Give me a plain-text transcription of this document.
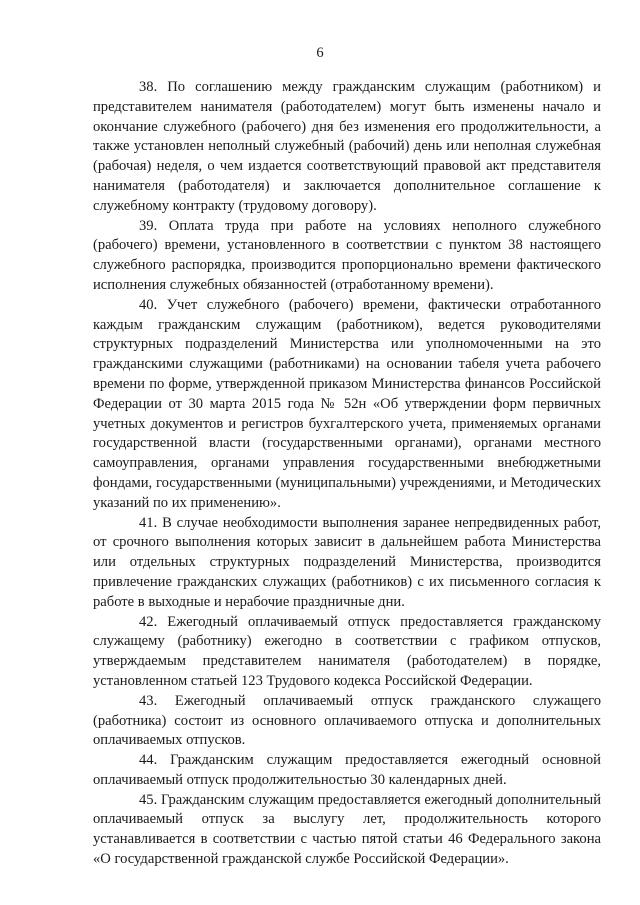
6

38. По соглашению между гражданским служащим (работником) и представителем нанимателя (работодателем) могут быть изменены начало и окончание служебного (рабочего) дня без изменения его продолжительности, а также установлен неполный служебный (рабочий) день или неполная служебная (рабочая) неделя, о чем издается соответствующий правовой акт представителя нанимателя (работодателя) и заключается дополнительное соглашение к служебному контракту (трудовому договору).

39. Оплата труда при работе на условиях неполного служебного (рабочего) времени, установленного в соответствии с пунктом 38 настоящего служебного распорядка, производится пропорционально времени фактического исполнения служебных обязанностей (отработанному времени).

40. Учет служебного (рабочего) времени, фактически отработанного каждым гражданским служащим (работником), ведется руководителями структурных подразделений Министерства или уполномоченными на это гражданскими служащими (работниками) на основании табеля учета рабочего времени по форме, утвержденной приказом Министерства финансов Российской Федерации от 30 марта 2015 года № 52н «Об утверждении форм первичных учетных документов и регистров бухгалтерского учета, применяемых органами государственной власти (государственными органами), органами местного самоуправления, органами управления государственными внебюджетными фондами, государственными (муниципальными) учреждениями, и Методических указаний по их применению».

41. В случае необходимости выполнения заранее непредвиденных работ, от срочного выполнения которых зависит в дальнейшем работа Министерства или отдельных структурных подразделений Министерства, производится привлечение гражданских служащих (работников) с их письменного согласия к работе в выходные и нерабочие праздничные дни.

42. Ежегодный оплачиваемый отпуск предоставляется гражданскому служащему (работнику) ежегодно в соответствии с графиком отпусков, утверждаемым представителем нанимателя (работодателем) в порядке, установленном статьей 123 Трудового кодекса Российской Федерации.

43. Ежегодный оплачиваемый отпуск гражданского служащего (работника) состоит из основного оплачиваемого отпуска и дополнительных оплачиваемых отпусков.

44. Гражданским служащим предоставляется ежегодный основной оплачиваемый отпуск продолжительностью 30 календарных дней.

45. Гражданским служащим предоставляется ежегодный дополнительный оплачиваемый отпуск за выслугу лет, продолжительность которого устанавливается в соответствии с частью пятой статьи 46 Федерального закона «О государственной гражданской службе Российской Федерации».
